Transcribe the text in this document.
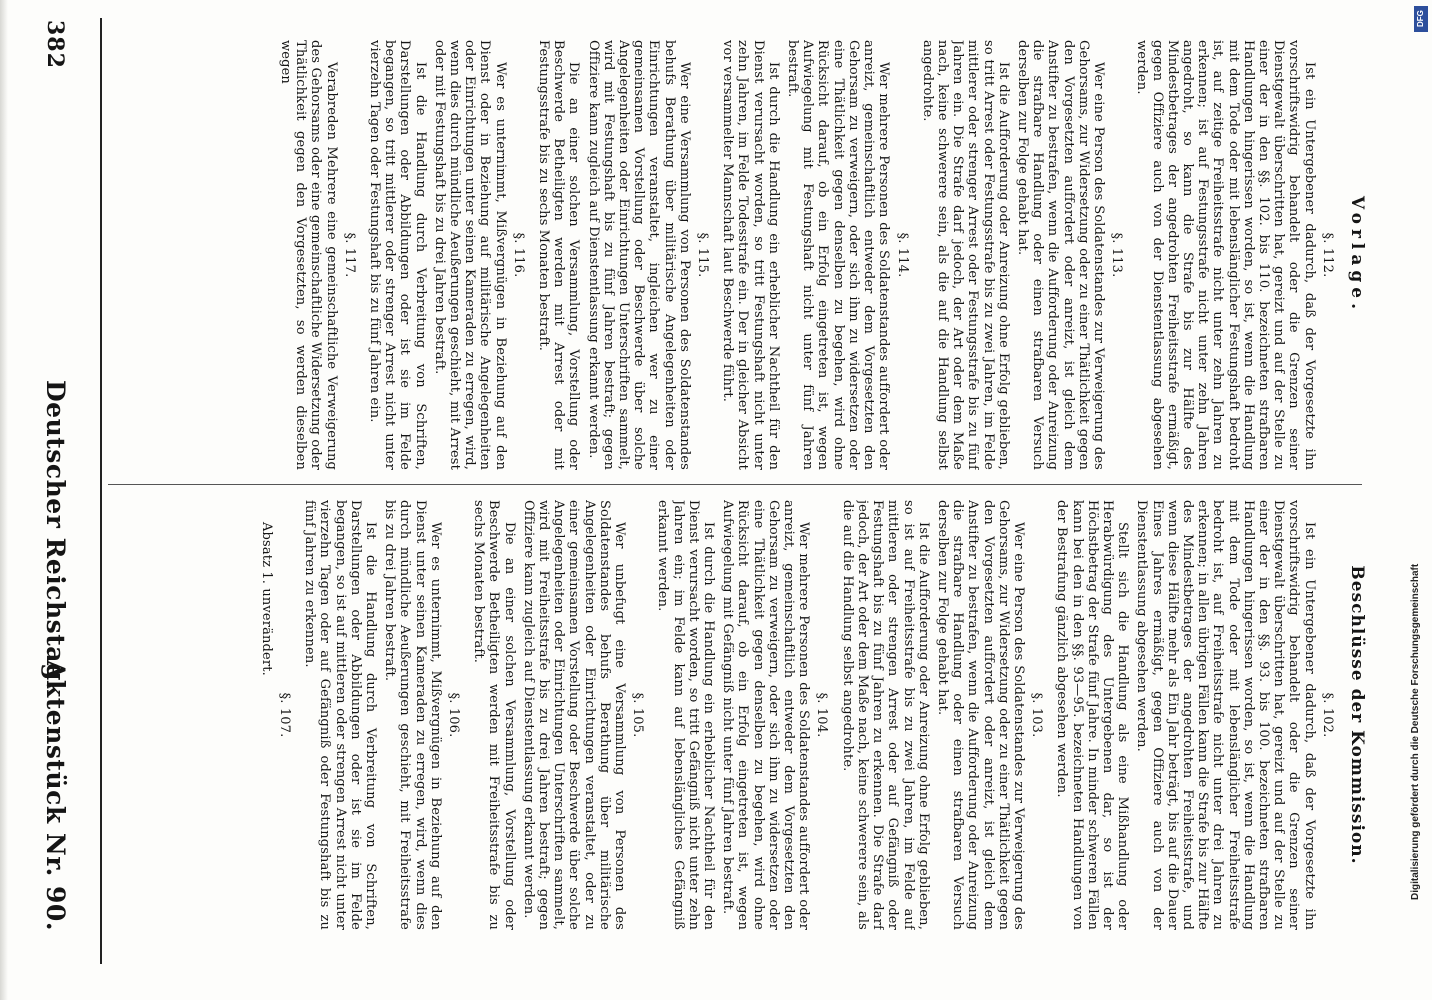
382
Deutscher Reichstag.
Aktenstück Nr. 90.
Vorlage.
§. 112.

Ist ein Untergebener dadurch, daß der Vorgesetzte ihn vorschriftswidrig behandelt oder die Grenzen seiner Dienstgewalt überschritten hat, gereizt und auf der Stelle zu einer der in den §§. 102. bis 110. bezeichneten strafbaren Handlungen hingerissen worden, so ist, wenn die Handlung mit dem Tode oder mit lebenslänglicher Festungshaft bedroht ist, auf zeitige Freiheitsstrafe nicht unter zehn Jahren zu erkennen; ist auf Festungsstrafe nicht unter zehn Jahren angedroht, so kann die Strafe bis zur Hälfte des Mindestbetrages der angedrohten Freiheitsstrafe ermäßigt, gegen Offiziere auch von der Dienstentlassung abgesehen werden.

§. 113.

Wer eine Person des Soldatenstandes zur Verweigerung des Gehorsams, zur Widersetzung oder zu einer Thätlichkeit gegen den Vorgesetzten auffordert oder anreizt, ist gleich dem Anstifter zu bestrafen, wenn die Aufforderung oder Anreizung die strafbare Handlung oder einen strafbaren Versuch derselben zur Folge gehabt hat.

Ist die Aufforderung oder Anreizung ohne Erfolg geblieben, so tritt Arrest oder Festungsstrafe bis zu zwei Jahren, im Felde mittlerer oder strenger Arrest oder Festungsstrafe bis zu fünf Jahren ein. Die Strafe darf jedoch, der Art oder dem Maße nach, keine schwerere sein, als die auf die Handlung selbst angedrohte.

§. 114.

Wer mehrere Personen des Soldatenstandes auffordert oder anreizt, gemeinschaftlich entweder dem Vorgesetzten den Gehorsam zu verweigern, oder sich ihm zu widersetzen oder eine Thätlichkeit gegen denselben zu begehen, wird ohne Rücksicht darauf, ob ein Erfolg eingetreten ist, wegen Aufwiegelung mit Festungshaft nicht unter fünf Jahren bestraft.

Ist durch die Handlung ein erheblicher Nachtheil für den Dienst verursacht worden, so tritt Festungshaft nicht unter zehn Jahren, im Felde Todesstrafe ein. Der in gleicher Absicht vor versammelter Mannschaft laut Beschwerde führt.

§. 115.

Wer eine Versammlung von Personen des Soldatenstandes behufs Berathung über militärische Angelegenheiten oder Einrichtungen veranstaltet, ingleichen wer zu einer gemeinsamen Vorstellung oder Beschwerde über solche Angelegenheiten oder Einrichtungen Unterschriften sammelt, wird mit Festungshaft bis zu fünf Jahren bestraft; gegen Offiziere kann zugleich auf Dienstentlassung erkannt werden.

Die an einer solchen Versammlung, Vorstellung oder Beschwerde Betheiligten werden mit Arrest oder mit Festungsstrafe bis zu sechs Monaten bestraft.

§. 116.

Wer es unternimmt, Mißvergnügen in Beziehung auf den Dienst oder in Beziehung auf militärische Angelegenheiten oder Einrichtungen unter seinen Kameraden zu erregen, wird, wenn dies durch mündliche Aeußerungen geschieht, mit Arrest oder mit Festungshaft bis zu drei Jahren bestraft.

Ist die Handlung durch Verbreitung von Schriften, Darstellungen oder Abbildungen oder ist sie im Felde begangen, so tritt mittlerer oder strenger Arrest nicht unter vierzehn Tagen oder Festungshaft bis zu fünf Jahren ein.

§. 117.

Verabreden Mehrere eine gemeinschaftliche Verweigerung des Gehorsams oder eine gemeinschaftliche Widersetzung oder Thätlichkeit gegen den Vorgesetzten, so werden dieselben wegen

Beschlüsse der Kommission.
§. 102.

Ist ein Untergebener dadurch, daß der Vorgesetzte ihn vorschriftswidrig behandelt oder die Grenzen seiner Dienstgewalt überschritten hat, gereizt und auf der Stelle zu einer der in den §§. 93. bis 100. bezeichneten strafbaren Handlungen hingerissen worden, so ist, wenn die Handlung mit dem Tode oder mit lebenslänglicher Freiheitsstrafe bedroht ist, auf Freiheitsstrafe nicht unter drei Jahren zu erkennen; in allen übrigen Fällen kann die Strafe bis zur Hälfte des Mindestbetrages der angedrohten Freiheitsstrafe, und wenn diese Hälfte mehr als Ein Jahr beträgt, bis auf die Dauer Eines Jahres ermäßigt, gegen Offiziere auch von der Dienstentlassung abgesehen werden.

Stellt sich die Handlung als eine Mißhandlung oder Herabwürdigung des Untergebenen dar, so ist der Höchstbetrag der Strafe fünf Jahre. In minder schweren Fällen kann bei den in den §§. 93—95. bezeichneten Handlungen von der Bestrafung gänzlich abgesehen werden.

§. 103.

Wer eine Person des Soldatenstandes zur Verweigerung des Gehorsams, zur Widersetzung oder zu einer Thätlichkeit gegen den Vorgesetzten auffordert oder anreizt, ist gleich dem Anstifter zu bestrafen, wenn die Aufforderung oder Anreizung die strafbare Handlung oder einen strafbaren Versuch derselben zur Folge gehabt hat.

Ist die Aufforderung oder Anreizung ohne Erfolg geblieben, so ist auf Freiheitsstrafe bis zu zwei Jahren, im Felde auf mittleren oder strengen Arrest oder auf Gefängniß oder Festungshaft bis zu fünf Jahren zu erkennen. Die Strafe darf jedoch, der Art oder dem Maße nach, keine schwerere sein, als die auf die Handlung selbst angedrohte.

§. 104.

Wer mehrere Personen des Soldatenstandes auffordert oder anreizt, gemeinschaftlich entweder dem Vorgesetzten den Gehorsam zu verweigern, oder sich ihm zu widersetzen oder eine Thätlichkeit gegen denselben zu begehen, wird ohne Rücksicht darauf, ob ein Erfolg eingetreten ist, wegen Aufwiegelung mit Gefängniß nicht unter fünf Jahren bestraft.

Ist durch die Handlung ein erheblicher Nachtheil für den Dienst verursacht worden, so tritt Gefängniß nicht unter zehn Jahren ein; im Felde kann auf lebenslängliches Gefängniß erkannt werden.

§. 105.

Wer unbefugt eine Versammlung von Personen des Soldatenstandes behufs Berathung über militärische Angelegenheiten oder Einrichtungen veranstaltet, oder zu einer gemeinsamen Vorstellung oder Beschwerde über solche Angelegenheiten oder Einrichtungen Unterschriften sammelt, wird mit Freiheitsstrafe bis zu drei Jahren bestraft; gegen Offiziere kann zugleich auf Dienstentlassung erkannt werden.

Die an einer solchen Versammlung, Vorstellung oder Beschwerde Betheiligten werden mit Freiheitsstrafe bis zu sechs Monaten bestraft.

§. 106.

Wer es unternimmt, Mißvergnügen in Beziehung auf den Dienst unter seinen Kameraden zu erregen, wird, wenn dies durch mündliche Aeußerungen geschieht, mit Freiheitsstrafe bis zu drei Jahren bestraft.

Ist die Handlung durch Verbreitung von Schriften, Darstellungen oder Abbildungen oder ist sie im Felde begangen, so ist auf mittleren oder strengen Arrest nicht unter vierzehn Tagen oder auf Gefängniß oder Festungshaft bis zu fünf Jahren zu erkennen.

§. 107.

Absatz 1. unverändert.

DFG
Digitalisierung gefördert durch die Deutsche Forschungsgemeinschaft
